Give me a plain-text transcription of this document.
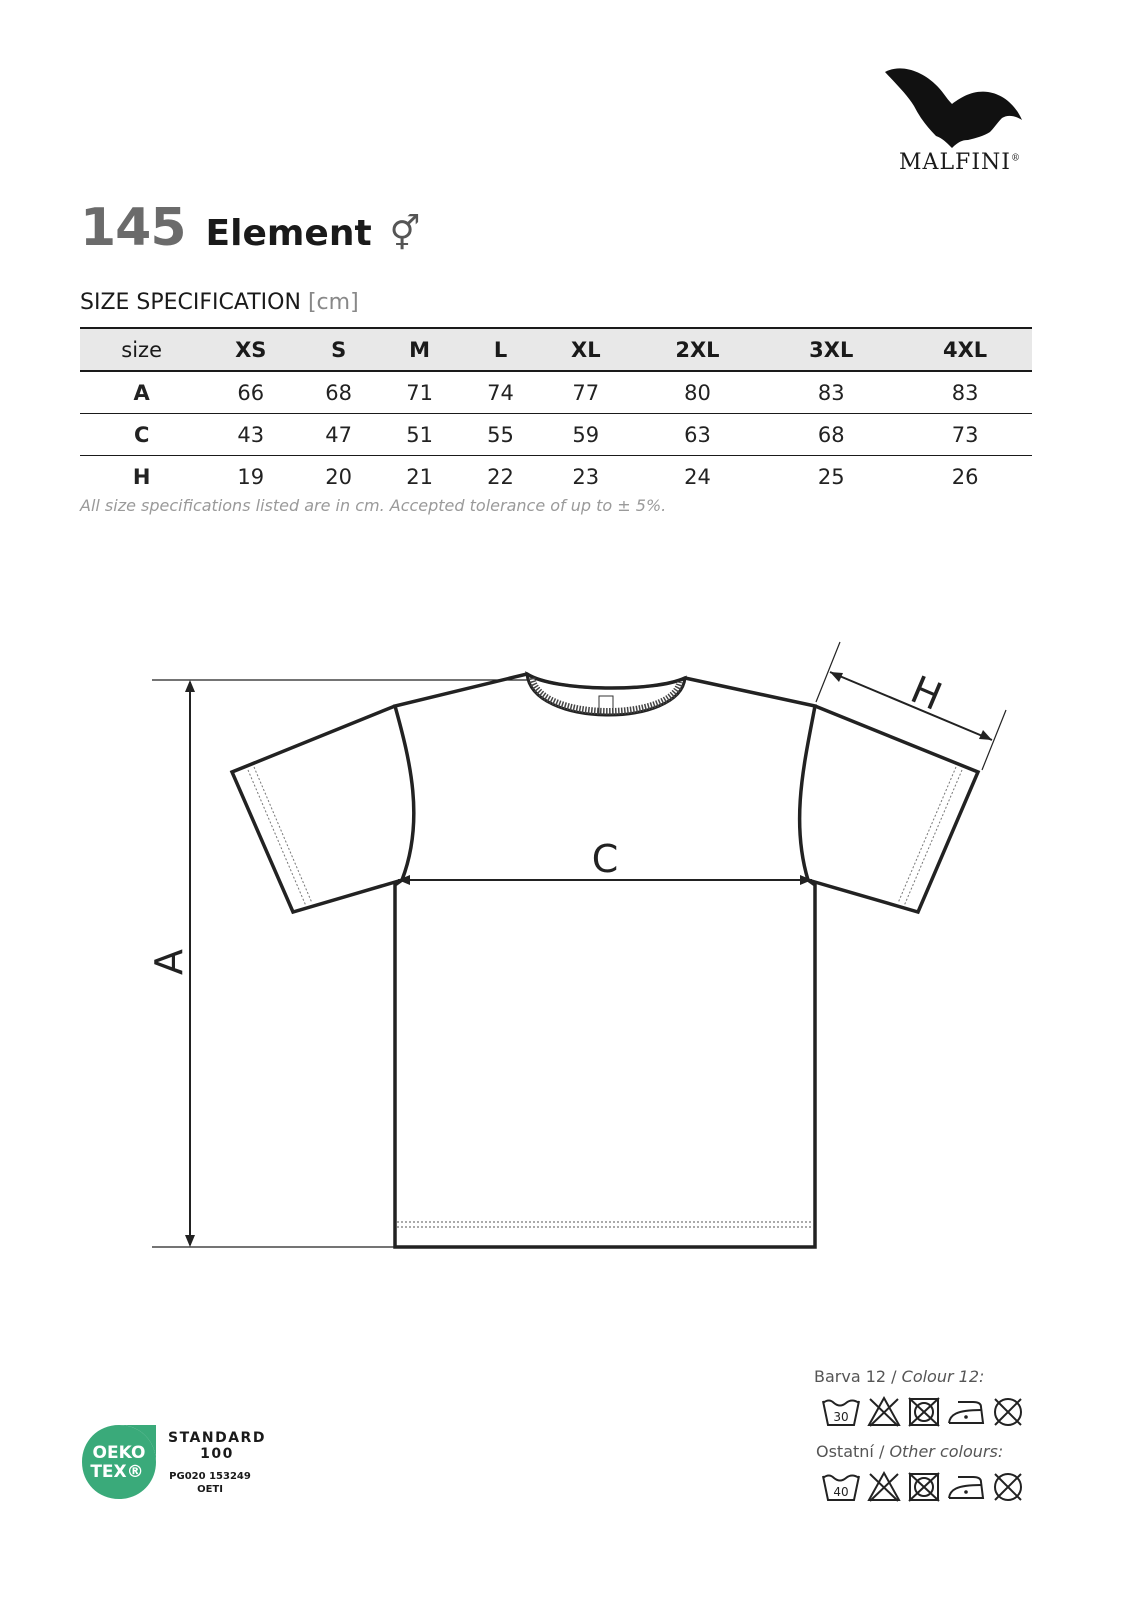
MALFINI®
145 Element ⚥
SIZE SPECIFICATION [cm]
size	XS	S	M	L	XL	2XL	3XL	4XL
A	66	68	71	74	77	80	83	83
C	43	47	51	55	59	63	68	73
H	19	20	21	22	23	24	25	26
All size specifications listed are in cm. Accepted tolerance of up to ± 5%.
A
C
H
OEKO
TEX®
STANDARD
100
PG020 153249
OETI
Barva 12 / Colour 12:
30
Ostatní / Other colours:
40
